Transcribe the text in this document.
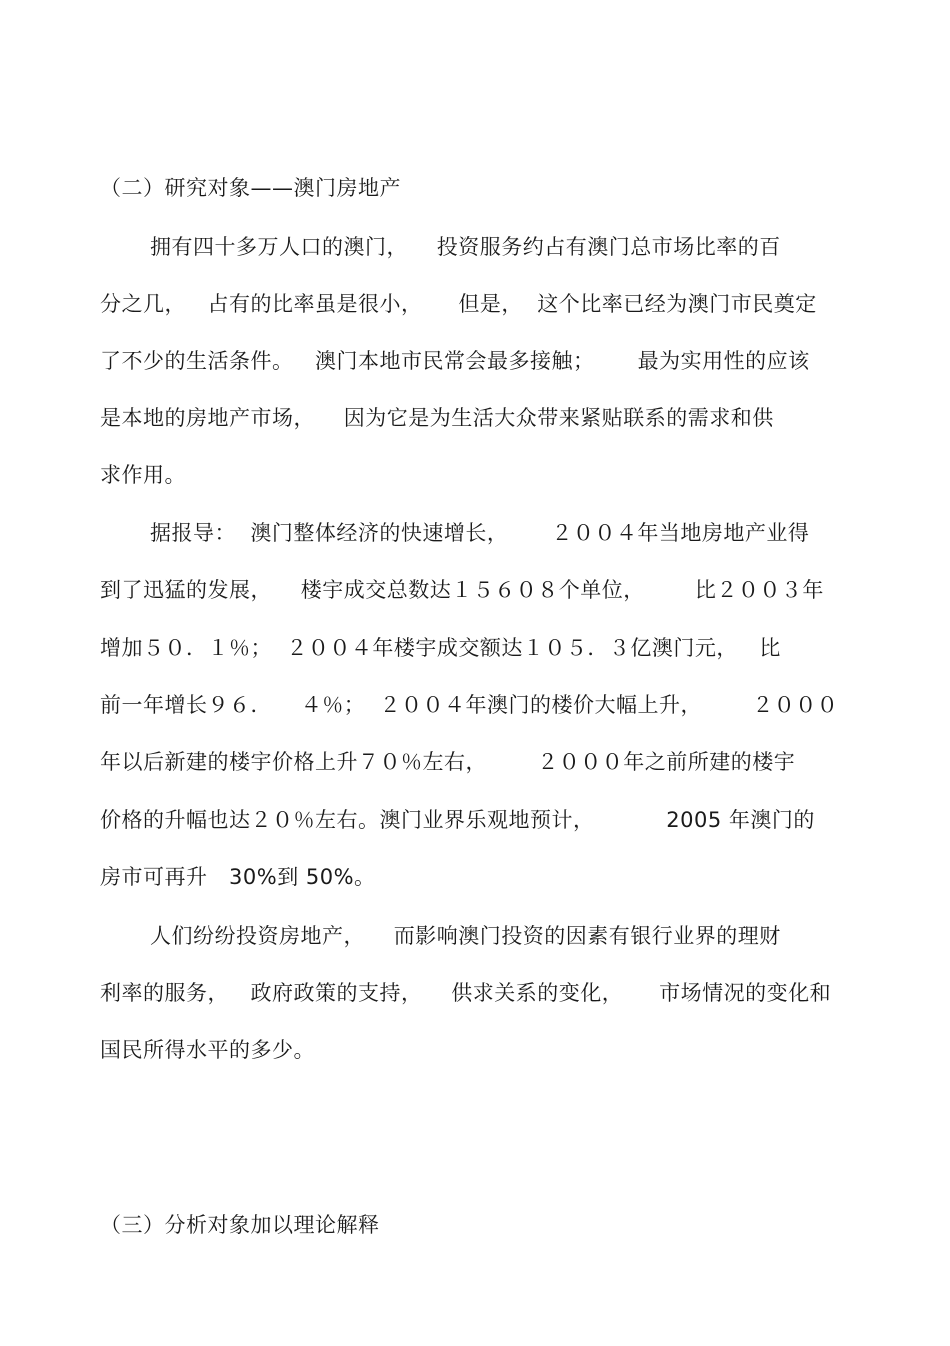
（二）研究对象——澳门房地产
拥有四十多万人口的澳门，    投资服务约占有澳门总市场比率的百
分之几，   占有的比率虽是很小，     但是，  这个比率已经为澳门市民奠定
了不少的生活条件。   澳门本地市民常会最多接触；      最为实用性的应该
是本地的房地产市场，    因为它是为生活大众带来紧贴联系的需求和供
求作用。
据报导：  澳门整体经济的快速增长，      ２００４年当地房地产业得
到了迅猛的发展，    楼宇成交总数达１５６０８个单位，       比２００３年
增加５０．１％；  ２００４年楼宇成交额达１０５．３亿澳门元，   比
前一年增长９６．    ４％；  ２００４年澳门的楼价大幅上升，       ２０００
年以后新建的楼宇价格上升７０％左右，       ２０００年之前所建的楼宇
价格的升幅也达２０％左右。澳门业界乐观地预计，          2005 年澳门的
房市可再升   30%到 50%。
人们纷纷投资房地产，    而影响澳门投资的因素有银行业界的理财
利率的服务，   政府政策的支持，    供求关系的变化，     市场情况的变化和
国民所得水平的多少。
（三）分析对象加以理论解释
